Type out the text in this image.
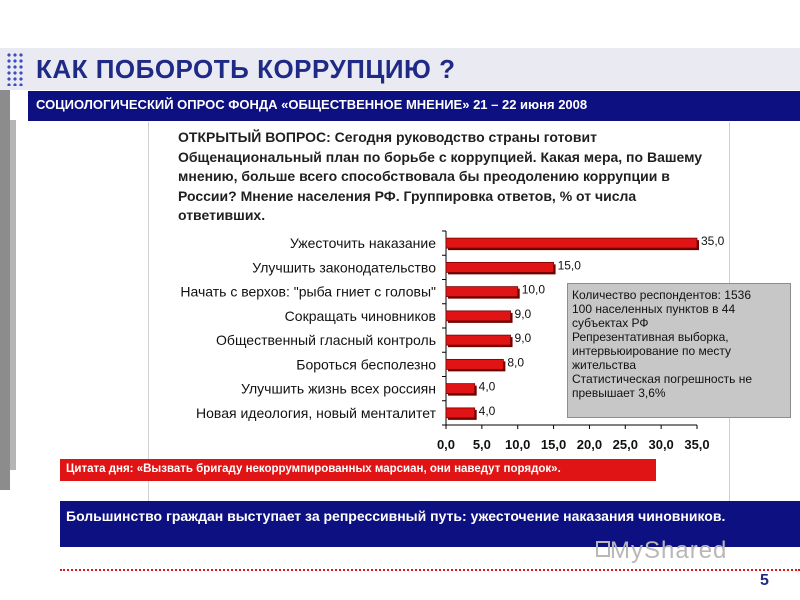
КАК ПОБОРОТЬ КОРРУПЦИЮ ?
СОЦИОЛОГИЧЕСКИЙ ОПРОС ФОНДА «ОБЩЕСТВЕННОЕ МНЕНИЕ» 21 – 22 июня 2008
ОТКРЫТЫЙ ВОПРОС: Сегодня руководство страны готовит Общенациональный план по борьбе с коррупцией. Какая мера, по Вашему мнению, больше всего способствовала бы преодолению коррупции в России? Мнение населения РФ. Группировка ответов, % от числа ответивших.
Ужесточить наказание	35,0
Улучшить законодательство	15,0
Начать с верхов: "рыба гниет с головы"	10,0
Сокращать чиновников	9,0
Общественный гласный контроль	9,0
Бороться бесполезно	8,0
Улучшить жизнь всех россиян	4,0
Новая идеология, новый менталитет	4,0
0,0 5,0 10,0 15,0 20,0 25,0 30,0 35,0
Количество респондентов: 1536
100 населенных пунктов в 44 субъектах РФ
Репрезентативная выборка, интервьюирование по месту жительства
Статистическая погрешность не превышает 3,6%
Цитата дня: «Вызвать бригаду некоррумпированных марсиан, они наведут порядок».
Большинство граждан выступает за репрессивный путь: ужесточение наказания чиновников.
MyShared
5
